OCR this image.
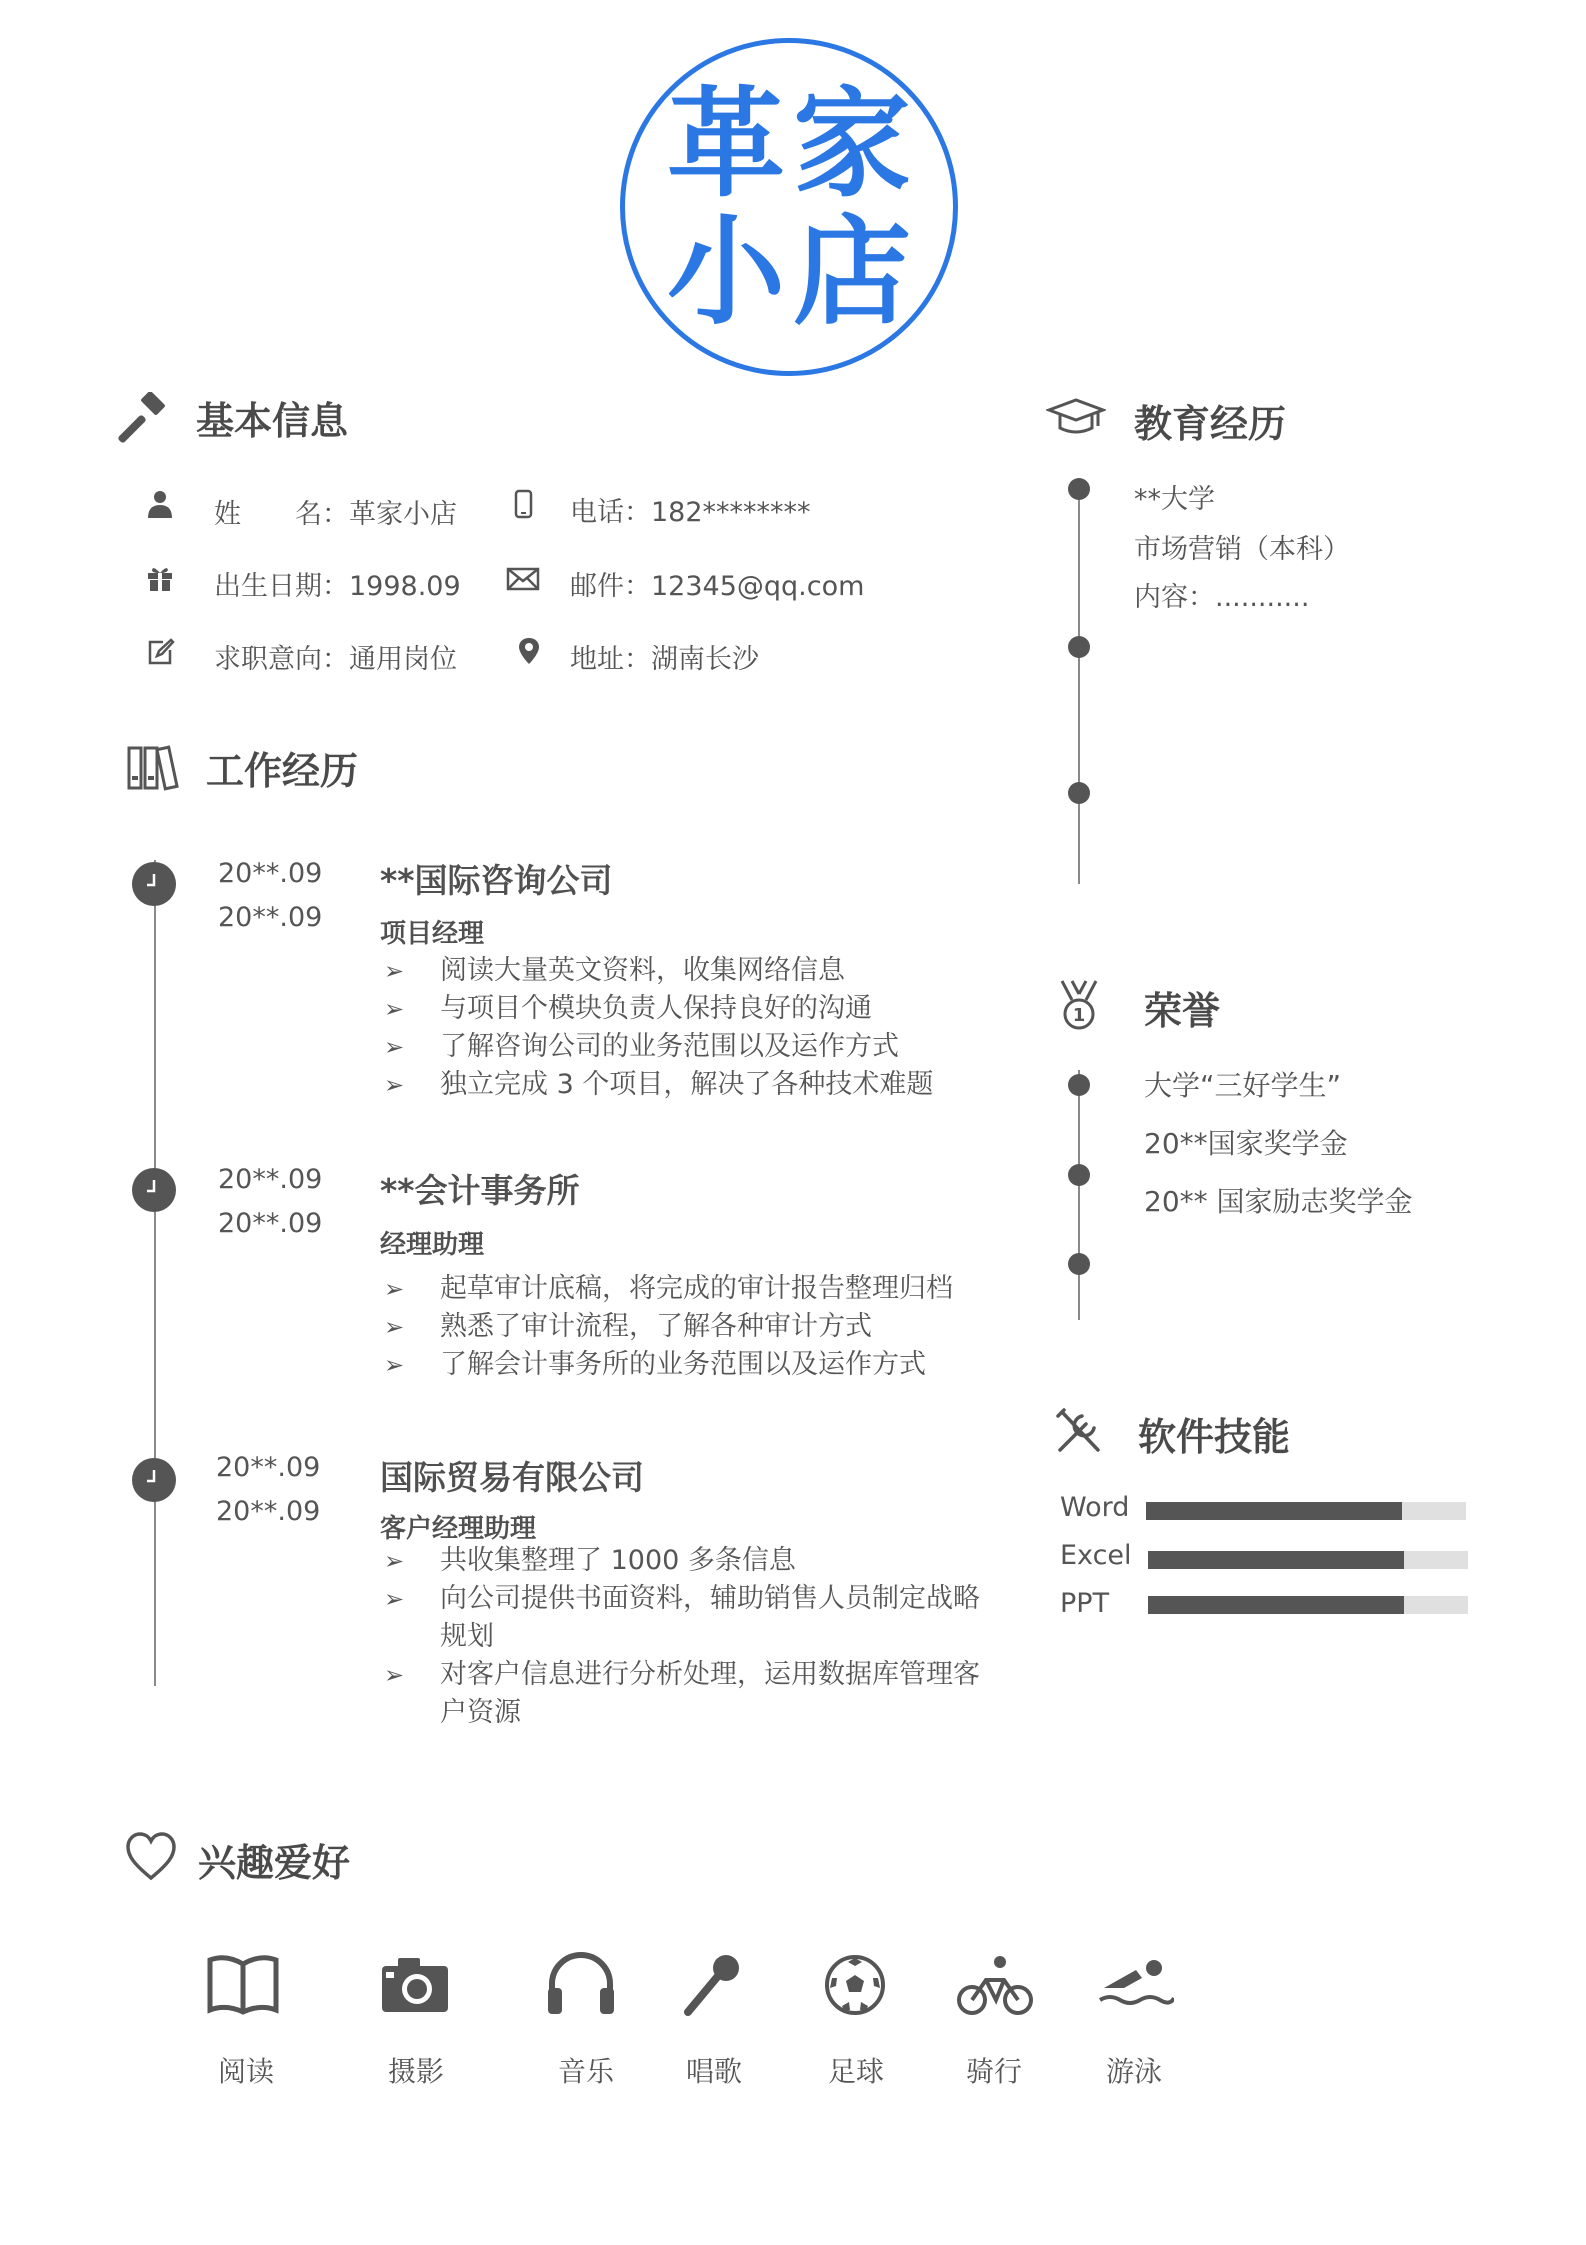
革 家
小 店
基本信息
姓　　名：革家小店	电话：182********
出生日期：1998.09	邮件：12345@qq.com
求职意向：通用岗位	地址：湖南长沙
工作经历
20**.09
20**.09
**国际咨询公司
项目经理
➢ 阅读大量英文资料，收集网络信息
➢ 与项目个模块负责人保持良好的沟通
➢ 了解咨询公司的业务范围以及运作方式
➢ 独立完成 3 个项目，解决了各种技术难题
20**.09
20**.09
**会计事务所
经理助理
➢ 起草审计底稿，将完成的审计报告整理归档
➢ 熟悉了审计流程，了解各种审计方式
➢ 了解会计事务所的业务范围以及运作方式
20**.09
20**.09
国际贸易有限公司
客户经理助理
➢ 共收集整理了 1000 多条信息
➢ 向公司提供书面资料，辅助销售人员制定战略规划
➢ 对客户信息进行分析处理，运用数据库管理客户资源
教育经历
**大学
市场营销（本科）
内容：...........
1 荣誉
大学“三好学生”
20**国家奖学金
20** 国家励志奖学金
软件技能
Word
Excel
PPT
兴趣爱好
阅读	摄影	音乐	唱歌	足球	骑行	游泳
